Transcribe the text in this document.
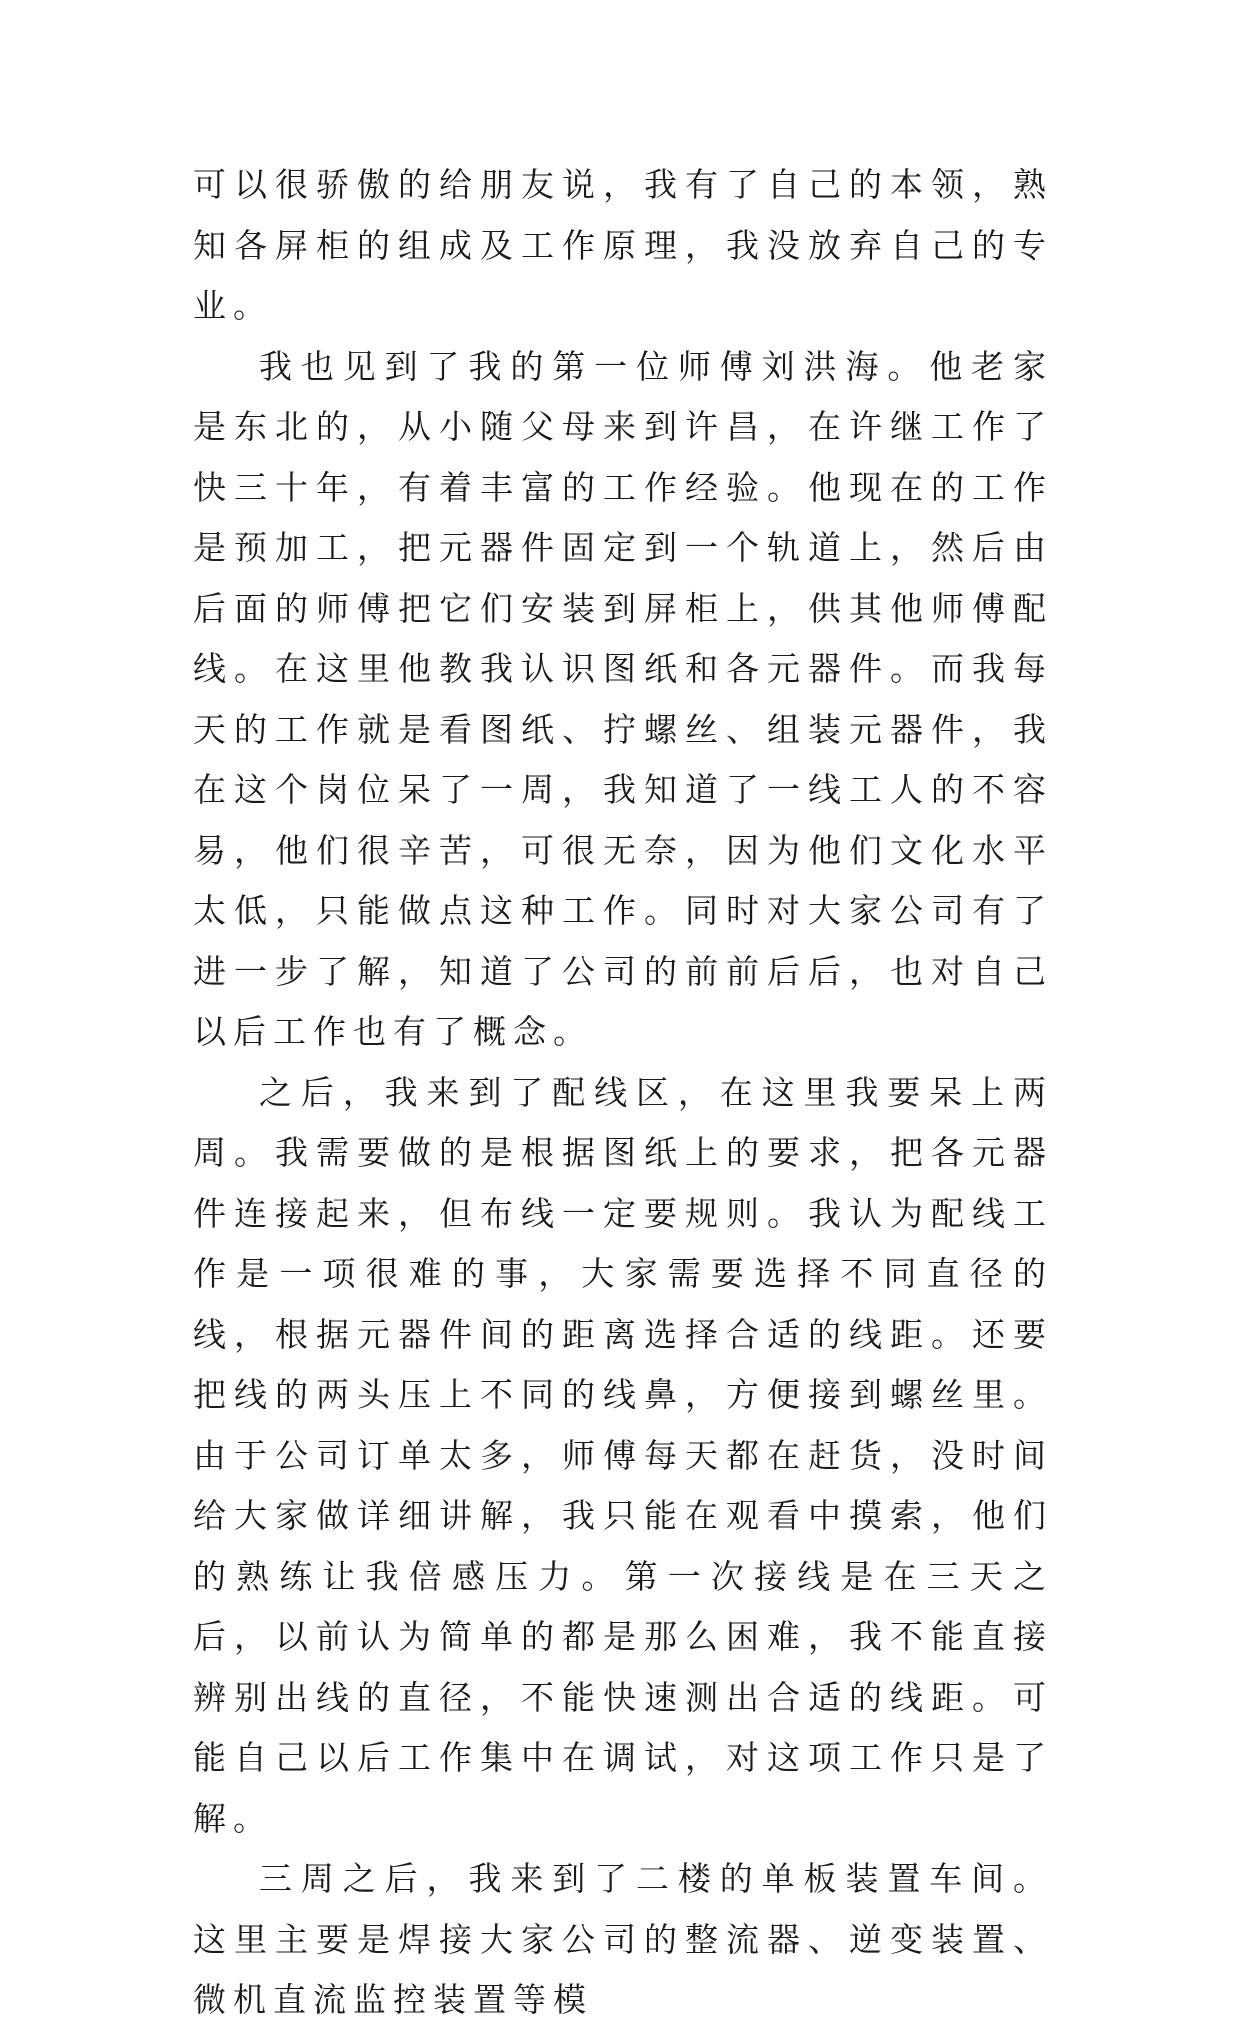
可以很骄傲的给朋友说，我有了自己的本领，熟知各屏柜的组成及工作原理，我没放弃自己的专业。

我也见到了我的第一位师傅刘洪海。他老家是东北的，从小随父母来到许昌，在许继工作了快三十年，有着丰富的工作经验。他现在的工作是预加工，把元器件固定到一个轨道上，然后由后面的师傅把它们安装到屏柜上，供其他师傅配线。在这里他教我认识图纸和各元器件。而我每天的工作就是看图纸、拧螺丝、组装元器件，我在这个岗位呆了一周，我知道了一线工人的不容易，他们很辛苦，可很无奈，因为他们文化水平太低，只能做点这种工作。同时对大家公司有了进一步了解，知道了公司的前前后后，也对自己以后工作也有了概念。

之后，我来到了配线区，在这里我要呆上两周。我需要做的是根据图纸上的要求，把各元器件连接起来，但布线一定要规则。我认为配线工作是一项很难的事，大家需要选择不同直径的线，根据元器件间的距离选择合适的线距。还要把线的两头压上不同的线鼻，方便接到螺丝里。由于公司订单太多，师傅每天都在赶货，没时间给大家做详细讲解，我只能在观看中摸索，他们的熟练让我倍感压力。第一次接线是在三天之后，以前认为简单的都是那么困难，我不能直接辨别出线的直径，不能快速测出合适的线距。可能自己以后工作集中在调试，对这项工作只是了解。

三周之后，我来到了二楼的单板装置车间。这里主要是焊接大家公司的整流器、逆变装置、微机直流监控装置等模
